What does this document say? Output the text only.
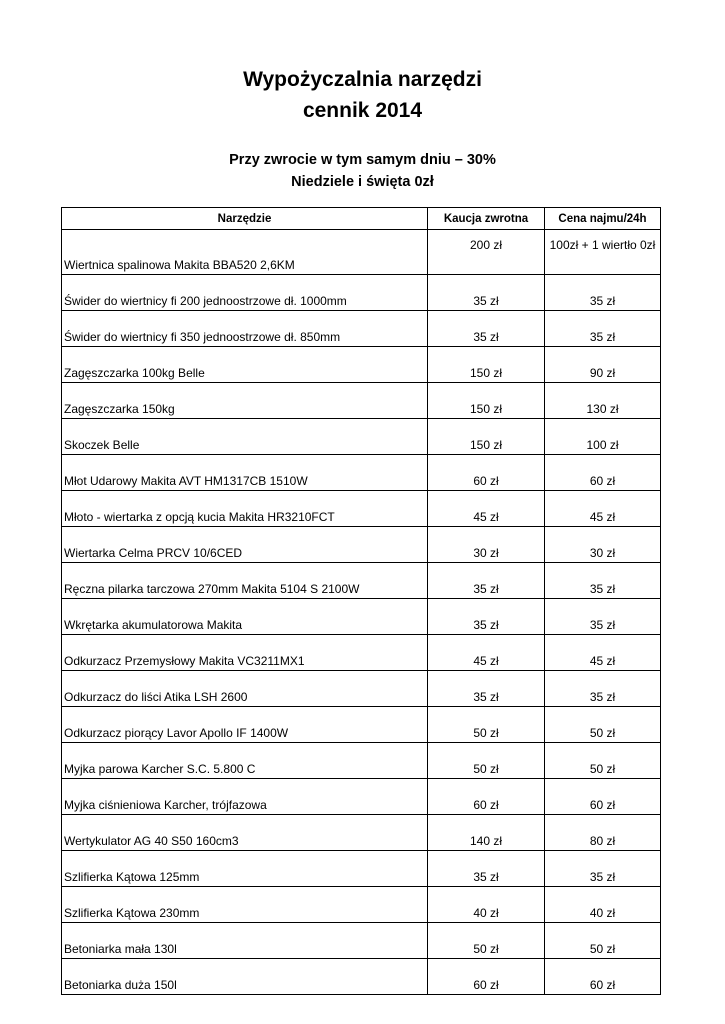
Wypożyczalnia narzędzi
cennik 2014
Przy zwrocie w tym samym dniu – 30%
Niedziele i święta 0zł
Narzędzie	Kaucja zwrotna	Cena najmu/24h
Wiertnica spalinowa Makita BBA520 2,6KM	200 zł	100zł + 1 wiertło 0zł
Świder do wiertnicy fi 200 jednoostrzowe dł. 1000mm	35 zł	35 zł
Świder do wiertnicy fi 350 jednoostrzowe dł. 850mm	35 zł	35 zł
Zagęszczarka 100kg Belle	150 zł	90 zł
Zagęszczarka 150kg	150 zł	130 zł
Skoczek Belle	150 zł	100 zł
Młot Udarowy Makita AVT HM1317CB 1510W	60 zł	60 zł
Młoto - wiertarka z opcją kucia Makita HR3210FCT	45 zł	45 zł
Wiertarka Celma PRCV 10/6CED	30 zł	30 zł
Ręczna pilarka tarczowa 270mm Makita 5104 S 2100W	35 zł	35 zł
Wkrętarka akumulatorowa Makita	35 zł	35 zł
Odkurzacz Przemysłowy Makita VC3211MX1	45 zł	45 zł
Odkurzacz do liści Atika LSH 2600	35 zł	35 zł
Odkurzacz piorący Lavor Apollo IF 1400W	50 zł	50 zł
Myjka parowa Karcher S.C. 5.800 C	50 zł	50 zł
Myjka ciśnieniowa Karcher, trójfazowa	60 zł	60 zł
Wertykulator AG 40 S50 160cm3	140 zł	80 zł
Szlifierka Kątowa 125mm	35 zł	35 zł
Szlifierka Kątowa 230mm	40 zł	40 zł
Betoniarka mała 130l	50 zł	50 zł
Betoniarka duża 150l	60 zł	60 zł
